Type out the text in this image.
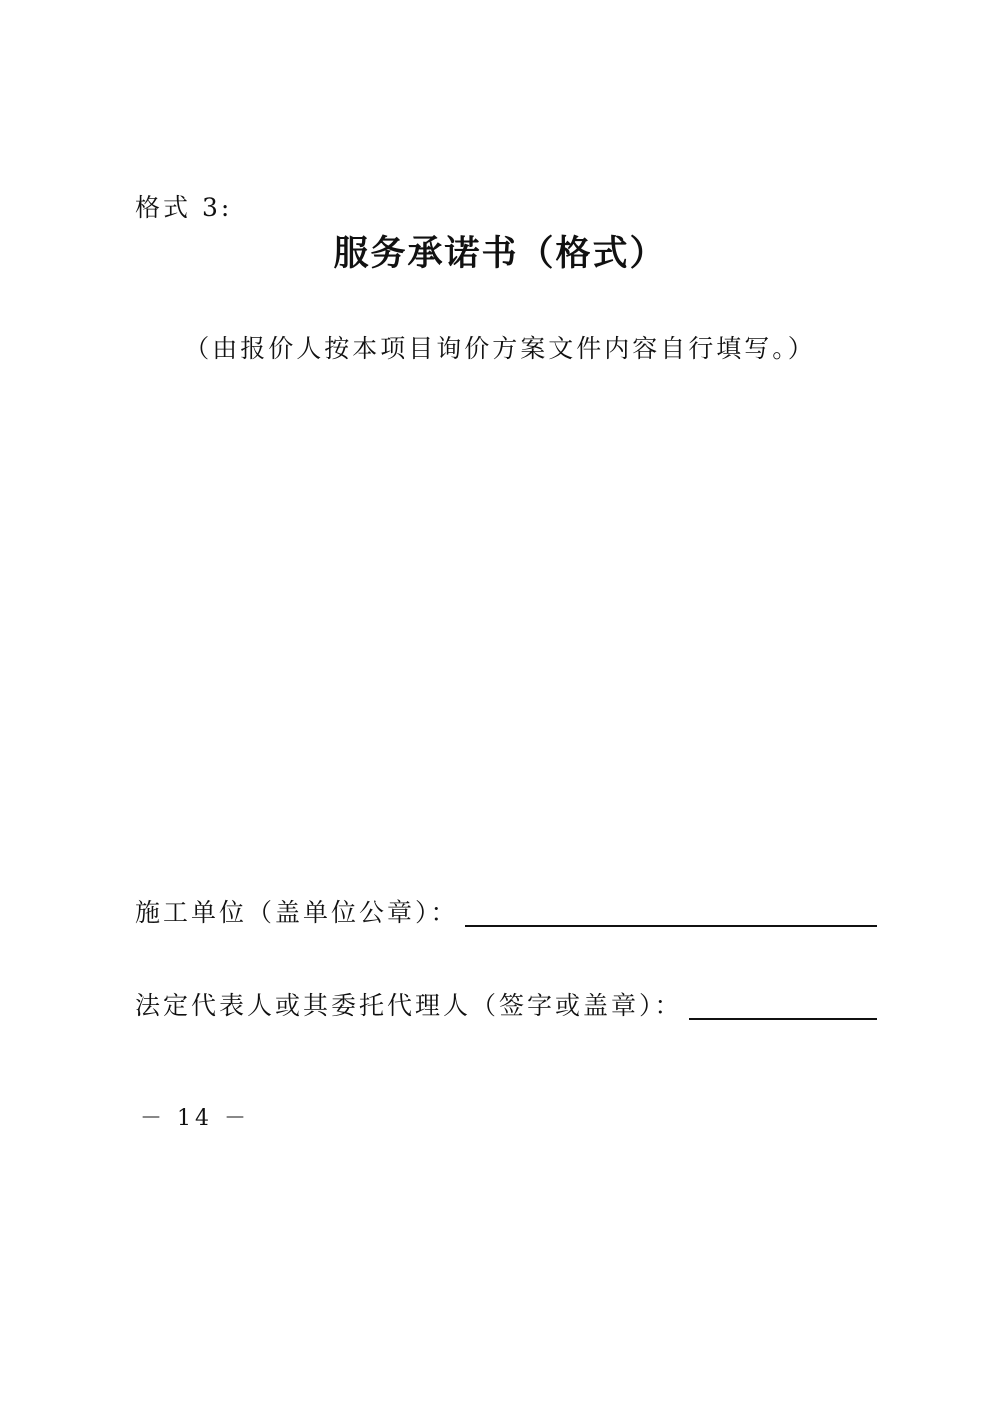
格式 3:
服务承诺书（格式）
（由报价人按本项目询价方案文件内容自行填写。）
施工单位（盖单位公章）：
法定代表人或其委托代理人（签字或盖章）：
－ 14 －
